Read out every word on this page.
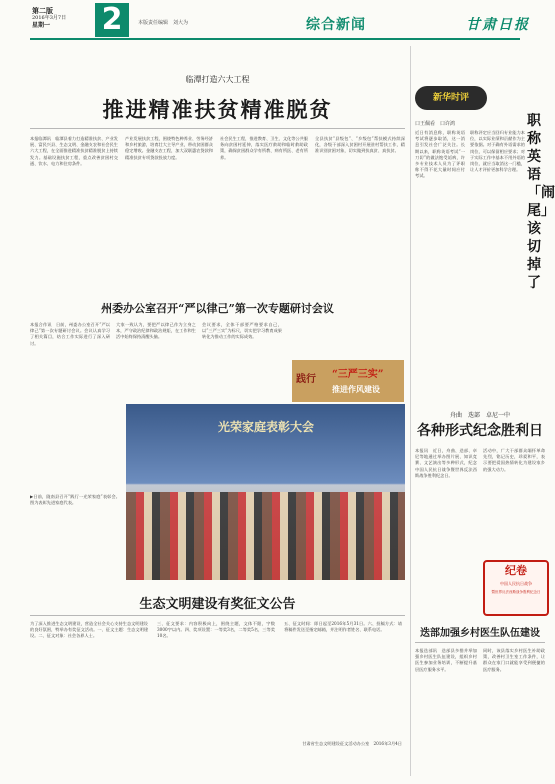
第二版
2016年3月7日
星期一	2	本版责任编辑　刘大为	综合新闻	甘肃日报
临潭打造六大工程
推进精准扶贫精准脱贫
本报临潭讯　临潭县着力打造精准扶贫、产业发展、富民兴县、生态文明、金融支农和社会民生六大工程，在全面推进精准扶贫精准脱贫上持续发力。基础设施扶贫工程，重点改善贫困村交通、饮水、电力和住房条件。
产业发展扶贫工程，围绕特色种养业、劳务经济和乡村旅游，培育壮大主导产业，带动贫困群众稳定增收。金融支农工程，加大双联惠农贷款和精准扶贫专项贷款投放力度。
社会民生工程，推进教育、卫生、文化等公共服务向贫困村延伸，落实医疗救助和临时救助政策，确保贫困群众学有所教、病有所医、老有所养。
全县扶贫“县级包”、“乡级包”帮扶模式持续深化，各级干部深入贫困村开展驻村帮扶工作，精准识别贫困对象，切实做到扶真贫、真扶贫。
州委办公室召开“严以律己”第一次专题研讨会议
本报合作讯　日前，州委办公室召开“严以律己”第一次专题研讨会议。会议认真学习了相关篇目，结合工作实际进行了深入研讨。
大家一致认为，要把严以律己作为立身之本，严守政治纪律和政治规矩，在工作和生活中始终保持清醒头脑。
会议要求，全体干部要严格要求自己，以“三严三实”为标尺，切实把学习教育成果转化为推动工作的实际成效。
践行 “三严三实”
推进作风建设
▶日前，陇南县召开“践行一光荣家庭”表彰会。图为表彰先进家庭代表。
光荣家庭表彰大会
生态文明建设有奖征文公告
为了深入推进生态文明建设，营造全社会关心支持生态文明建设的良好氛围，特举办有奖征文活动。一、征文主题：生态文明建设。二、征文对象：社会各界人士。
三、征文要求：内容积极向上，围绕主题，文体不限，字数3000字以内。四、奖项设置：一等奖3名，二等奖5名，三等奖10名。
五、征文时间：即日起至2016年5月31日。六、投稿方式：请将稿件发送至指定邮箱，并注明作者姓名、联系电话。
甘肃省生态文明建设征文活动办公室　2016年3月4日
新华时评
口王佩看　口许鸿
近日有消息称，职称英语考试将逐步取消，这一消息引发社会广泛关注。长期以来，职称英语考试“一刀切”的做法饱受诟病，许多专业技术人员为了评职称不得不花大量时间应付考试。
职称评定应当回归专业能力本位，以实际业绩和贡献作为主要依据。对于确有外语需求的岗位，可以保留相应要求；对于实际工作中基本不用外语的岗位，就应当取消这一门槛，让人才评价更加科学合理。
职称英语「闹尾」该切掉了
舟曲　迭部　卓尼一中
各种形式纪念胜利日
本报讯　近日，舟曲、迭部、卓尼等地通过举办图片展、知识竞赛、文艺演出等多种形式，纪念中国人民抗日战争暨世界反法西斯战争胜利纪念日。
活动中，广大干部群众缅怀革命先烈，铭记历史，珍爱和平，表示要把爱国热情转化为建设家乡的强大动力。
纪卷
中国人民抗日战争
暨世界反法西斯战争胜利纪念日
迭部加强乡村医生队伍建设
本报迭部讯　迭部县多措并举加强乡村医生队伍建设，组织乡村医生参加业务培训，不断提升基层医疗服务水平。
同时，该县落实乡村医生补助政策，改善村卫生室工作条件，让群众在家门口就能享受到便捷的医疗服务。
